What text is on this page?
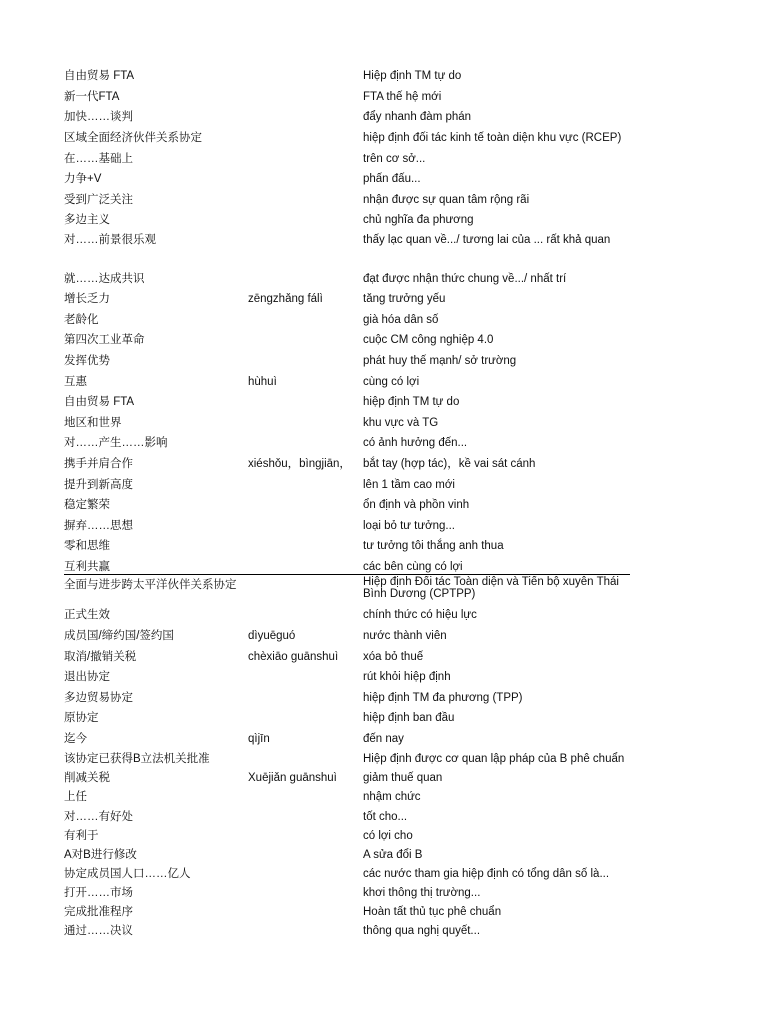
自由贸易 FTA	Hiệp định TM tự do
新一代FTA	FTA thế hệ mới
加快……谈判	đẩy nhanh đàm phán
区域全面经济伙伴关系协定	hiệp định đối tác kinh tế toàn diện khu vực (RCEP)
在……基础上	trên cơ sở...
力争+V	phấn đấu...
受到广泛关注	nhận được sự quan tâm rộng rãi
多边主义	chủ nghĩa đa phương
对……前景很乐观	thấy lạc quan về.../ tương lai của ... rất khả quan
就……达成共识	đạt được nhận thức chung về.../ nhất trí
增长乏力	zēngzhǎng fálì	tăng trưởng yếu
老龄化	già hóa dân số
第四次工业革命	cuộc CM công nghiệp 4.0
发挥优势	phát huy thế mạnh/ sở trường
互惠	hùhuì	cùng có lợi
自由贸易 FTA	hiệp định TM tự do
地区和世界	khu vực và TG
对……产生……影响	có ảnh hưởng đến...
携手并肩合作	xiéshǒu，bìngjiān，	bắt tay (hợp tác)，kề vai sát cánh
提升到新高度	lên 1 tầm cao mới
稳定繁荣	ổn định và phồn vinh
摒弃……思想	loại bỏ tư tưởng...
零和思维	tư tưởng tôi thắng anh thua
互利共赢	các bên cùng có lợi
全面与进步跨太平洋伙伴关系协定	Hiệp định Đối tác Toàn diện và Tiến bộ xuyên Thái Bình Dương (CPTPP)
正式生效	chính thức có hiệu lực
成员国/缔约国/签约国	dìyuēguó	nước thành viên
取消/撤销关税	chèxiāo guānshuì	xóa bỏ thuế
退出协定	rút khỏi hiệp định
多边贸易协定	hiệp định TM đa phương (TPP)
原协定	hiệp định ban đầu
迄今	qìjīn	đến nay
该协定已获得B立法机关批准	Hiệp định được cơ quan lập pháp của B phê chuẩn
削减关税	Xuējiǎn guānshuì	giảm thuế quan
上任	nhậm chức
对……有好处	tốt cho...
有利于	có lợi cho
A对B进行修改	A sửa đổi B
协定成员国人口……亿人	các nước tham gia hiệp định có tổng dân số là...
打开……市场	khơi thông thị trường...
完成批准程序	Hoàn tất thủ tục phê chuẩn
通过……决议	thông qua nghị quyết...
